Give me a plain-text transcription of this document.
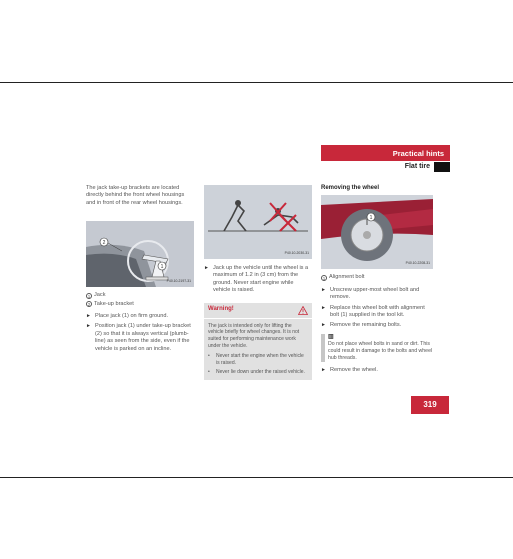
Practical hints
Flat tire

The jack take-up brackets are located directly behind the front wheel housings and in front of the rear wheel housings.

2
1
P40.10-2197-31
1 Jack
2 Take-up bracket
► Place jack (1) on firm ground.
► Position jack (1) under take-up bracket (2) so that it is always vertical (plumb-line) as seen from the side, even if the vehicle is parked on an incline.
P40.10-2030-31
► Jack up the vehicle until the wheel is a maximum of 1.2 in (3 cm) from the ground. Never start engine while vehicle is raised.
Warning!
The jack is intended only for lifting the vehicle briefly for wheel changes. It is not suited for performing maintenance work under the vehicle.
• Never start the engine when the vehicle is raised.
• Never lie down under the raised vehicle.
Removing the wheel
1
P40.10-2208-31
1 Alignment bolt
► Unscrew upper-most wheel bolt and remove.
► Replace this wheel bolt with alignment bolt (1) supplied in the tool kit.
► Remove the remaining bolts.
▥
Do not place wheel bolts in sand or dirt. This could result in damage to the bolts and wheel hub threads.
► Remove the wheel.
319
